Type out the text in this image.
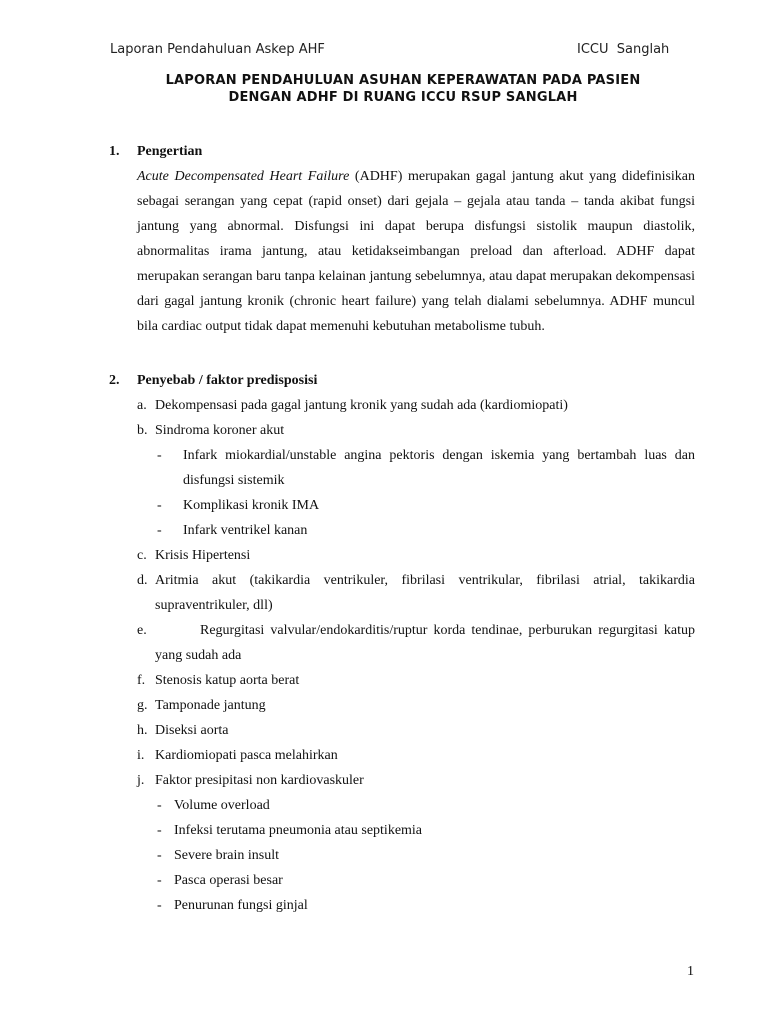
Laporan Pendahuluan Askep AHF	ICCU  Sanglah
LAPORAN PENDAHULUAN ASUHAN KEPERAWATAN PADA PASIEN
DENGAN ADHF DI RUANG ICCU RSUP SANGLAH
1. Pengertian
Acute Decompensated Heart Failure (ADHF) merupakan gagal jantung akut yang didefinisikan sebagai serangan yang cepat (rapid onset) dari gejala – gejala atau tanda – tanda akibat fungsi jantung yang abnormal. Disfungsi ini dapat berupa disfungsi sistolik maupun diastolik, abnormalitas irama jantung, atau ketidakseimbangan preload dan afterload. ADHF dapat merupakan serangan baru tanpa kelainan jantung sebelumnya, atau dapat merupakan dekompensasi dari gagal jantung kronik (chronic heart failure) yang telah dialami sebelumnya. ADHF muncul bila cardiac output tidak dapat memenuhi kebutuhan metabolisme tubuh.
2. Penyebab / faktor predisposisi
a. Dekompensasi pada gagal jantung kronik yang sudah ada (kardiomiopati)
b. Sindroma koroner akut
- Infark miokardial/unstable angina pektoris dengan iskemia yang bertambah luas dan disfungsi sistemik
- Komplikasi kronik IMA
- Infark ventrikel kanan
c. Krisis Hipertensi
d. Aritmia akut (takikardia ventrikuler, fibrilasi ventrikular, fibrilasi atrial, takikardia supraventrikuler, dll)
e.	Regurgitasi valvular/endokarditis/ruptur korda tendinae, perburukan regurgitasi katup yang sudah ada
f. Stenosis katup aorta berat
g. Tamponade jantung
h. Diseksi aorta
i. Kardiomiopati pasca melahirkan
j. Faktor presipitasi non kardiovaskuler
- Volume overload
- Infeksi terutama pneumonia atau septikemia
- Severe brain insult
- Pasca operasi besar
- Penurunan fungsi ginjal
1
